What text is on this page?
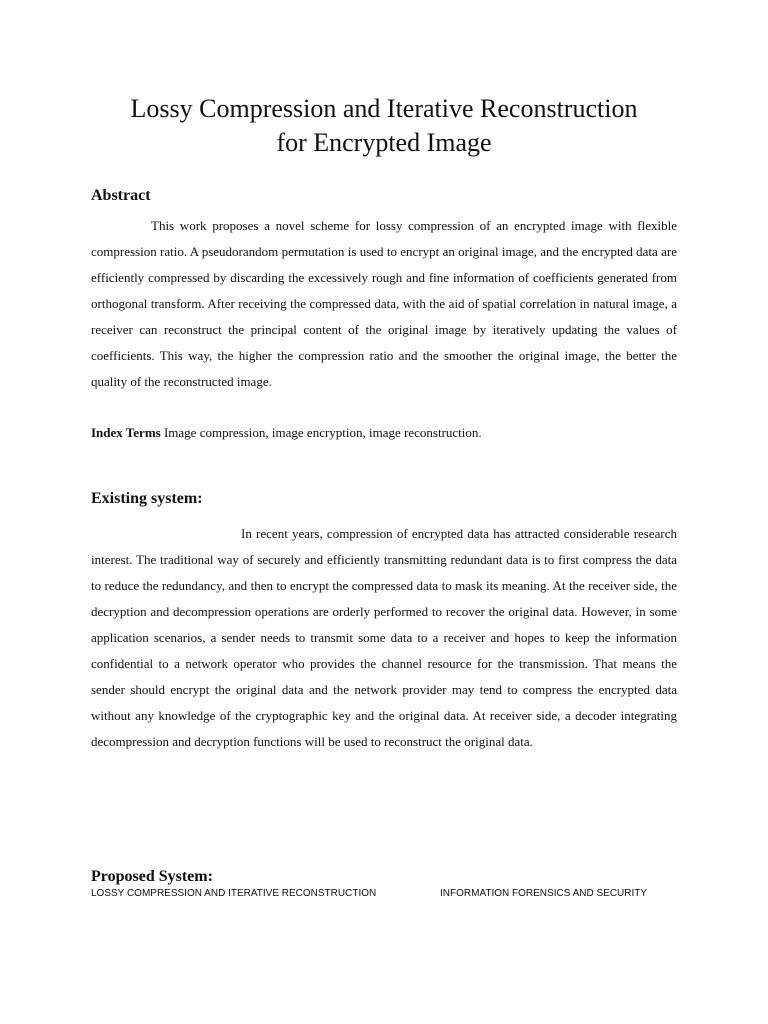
Lossy Compression and Iterative Reconstruction
for Encrypted Image
Abstract
This work proposes a novel scheme for lossy compression of an encrypted image with flexible compression ratio. A pseudorandom permutation is used to encrypt an original image, and the encrypted data are efficiently compressed by discarding the excessively rough and fine information of coefficients generated from orthogonal transform. After receiving the compressed data, with the aid of spatial correlation in natural image, a receiver can reconstruct the principal content of the original image by iteratively updating the values of coefficients. This way, the higher the compression ratio and the smoother the original image, the better the quality of the reconstructed image.
Index Terms Image compression, image encryption, image reconstruction.
Existing system:
In recent years, compression of encrypted data has attracted considerable research interest. The traditional way of securely and efficiently transmitting redundant data is to first compress the data to reduce the redundancy, and then to encrypt the compressed data to mask its meaning. At the receiver side, the decryption and decompression operations are orderly performed to recover the original data. However, in some application scenarios, a sender needs to transmit some data to a receiver and hopes to keep the information confidential to a network operator who provides the channel resource for the transmission. That means the sender should encrypt the original data and the network provider may tend to compress the encrypted data without any knowledge of the cryptographic key and the original data. At receiver side, a decoder integrating decompression and decryption functions will be used to reconstruct the original data.
Proposed System:
LOSSY COMPRESSION AND ITERATIVE RECONSTRUCTION	INFORMATION FORENSICS AND SECURITY
